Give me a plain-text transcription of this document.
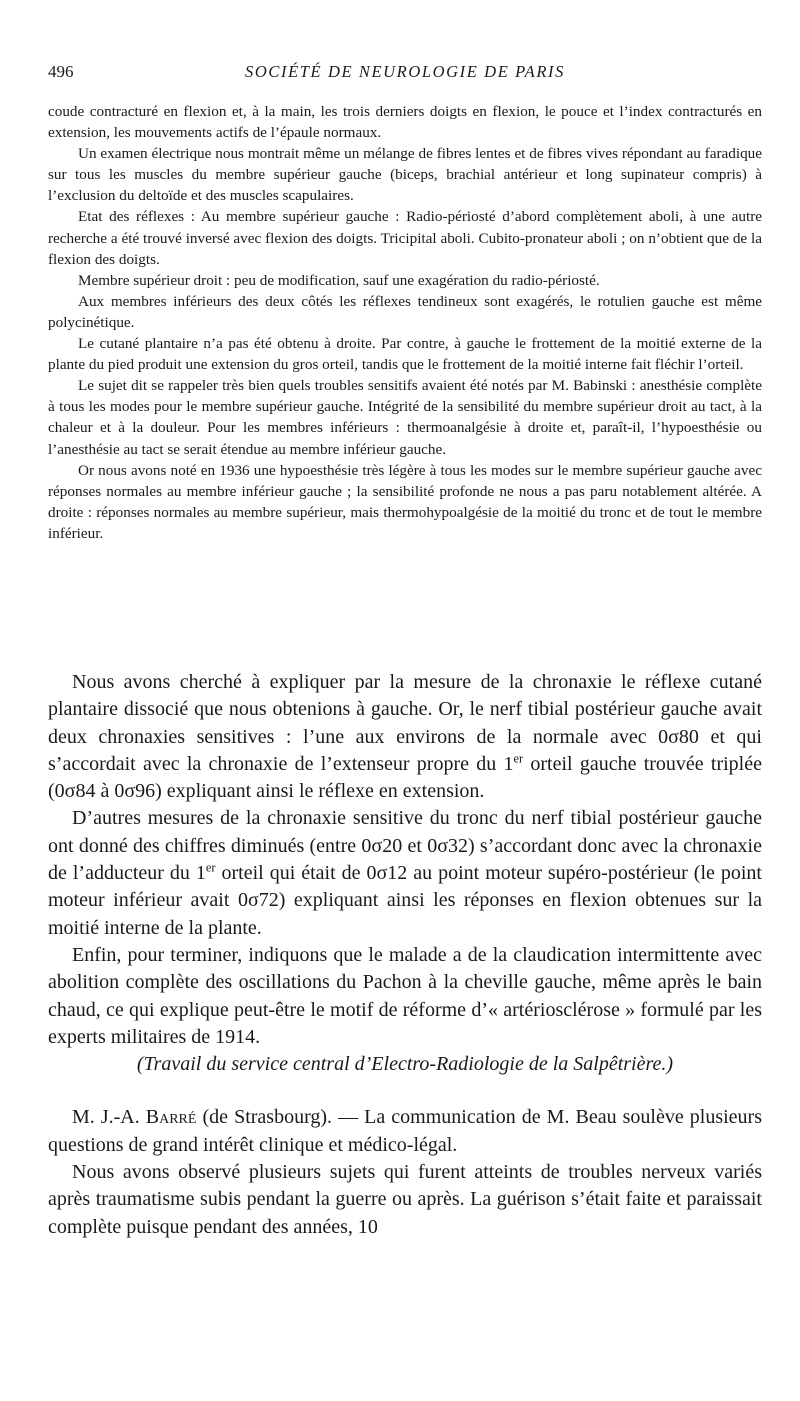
496	SOCIÉTÉ DE NEUROLOGIE DE PARIS

coude contracturé en flexion et, à la main, les trois derniers doigts en flexion, le pouce et l’index contracturés en extension, les mouvements actifs de l’épaule normaux.

Un examen électrique nous montrait même un mélange de fibres lentes et de fibres vives répondant au faradique sur tous les muscles du membre supérieur gauche (biceps, brachial antérieur et long supinateur compris) à l’exclusion du deltoïde et des muscles scapulaires.

Etat des réflexes : Au membre supérieur gauche : Radio-périosté d’abord complètement aboli, à une autre recherche a été trouvé inversé avec flexion des doigts. Tricipital aboli. Cubito-pronateur aboli ; on n’obtient que de la flexion des doigts.

Membre supérieur droit : peu de modification, sauf une exagération du radio-périosté.

Aux membres inférieurs des deux côtés les réflexes tendineux sont exagérés, le rotulien gauche est même polycinétique.

Le cutané plantaire n’a pas été obtenu à droite. Par contre, à gauche le frottement de la moitié externe de la plante du pied produit une extension du gros orteil, tandis que le frottement de la moitié interne fait fléchir l’orteil.

Le sujet dit se rappeler très bien quels troubles sensitifs avaient été notés par M. Babinski : anesthésie complète à tous les modes pour le membre supérieur gauche. Intégrité de la sensibilité du membre supérieur droit au tact, à la chaleur et à la douleur. Pour les membres inférieurs : thermoanalgésie à droite et, paraît-il, l’hypoesthésie ou l’anesthésie au tact se serait étendue au membre inférieur gauche.

Or nous avons noté en 1936 une hypoesthésie très légère à tous les modes sur le membre supérieur gauche avec réponses normales au membre inférieur gauche ; la sensibilité profonde ne nous a pas paru notablement altérée. A droite : réponses normales au membre supérieur, mais thermohypoalgésie de la moitié du tronc et de tout le membre inférieur.

Nous avons cherché à expliquer par la mesure de la chronaxie le réflexe cutané plantaire dissocié que nous obtenions à gauche. Or, le nerf tibial postérieur gauche avait deux chronaxies sensitives : l’une aux environs de la normale avec 0σ80 et qui s’accordait avec la chronaxie de l’extenseur propre du 1er orteil gauche trouvée triplée (0σ84 à 0σ96) expliquant ainsi le réflexe en extension.

D’autres mesures de la chronaxie sensitive du tronc du nerf tibial postérieur gauche ont donné des chiffres diminués (entre 0σ20 et 0σ32) s’accordant donc avec la chronaxie de l’adducteur du 1er orteil qui était de 0σ12 au point moteur supéro-postérieur (le point moteur inférieur avait 0σ72) expliquant ainsi les réponses en flexion obtenues sur la moitié interne de la plante.

Enfin, pour terminer, indiquons que le malade a de la claudication intermittente avec abolition complète des oscillations du Pachon à la cheville gauche, même après le bain chaud, ce qui explique peut-être le motif de réforme d’« artériosclérose » formulé par les experts militaires de 1914.

(Travail du service central d’Electro-Radiologie de la Salpêtrière.)

M. J.-A. Barré (de Strasbourg). — La communication de M. Beau soulève plusieurs questions de grand intérêt clinique et médico-légal.

Nous avons observé plusieurs sujets qui furent atteints de troubles nerveux variés après traumatisme subis pendant la guerre ou après. La guérison s’était faite et paraissait complète puisque pendant des années, 10
